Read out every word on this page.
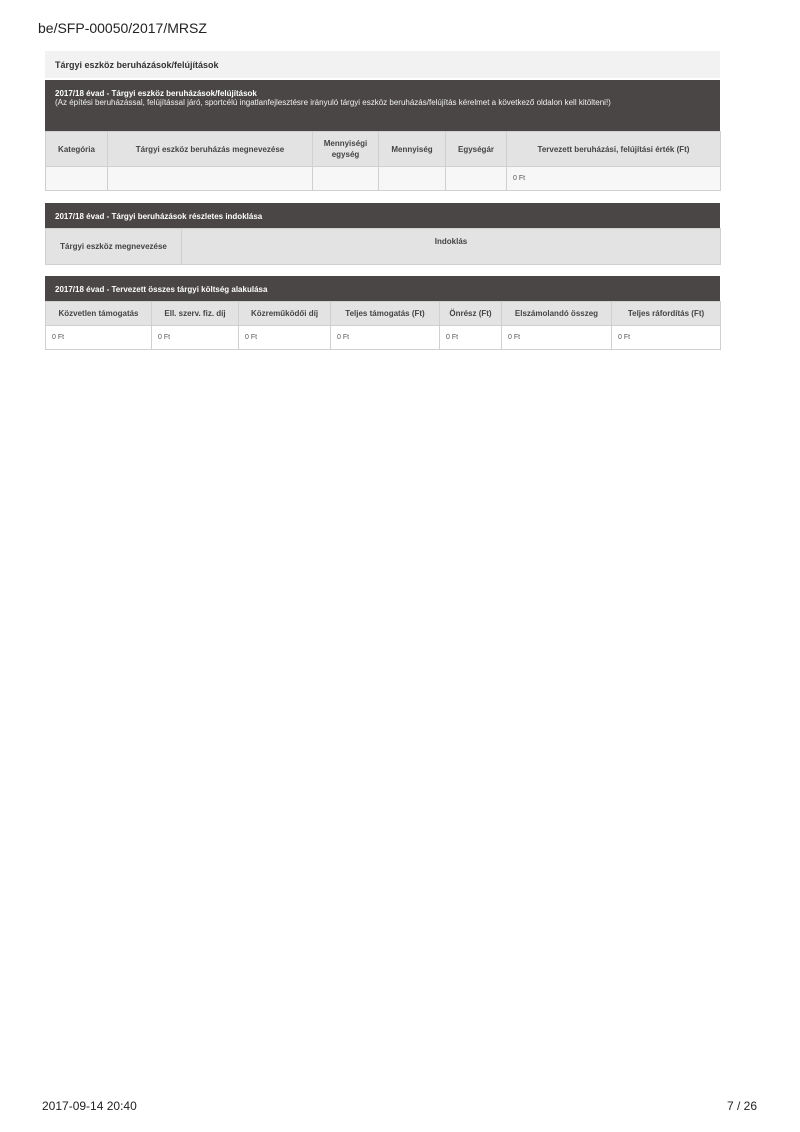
be/SFP-00050/2017/MRSZ
Tárgyi eszköz beruházások/felújítások
2017/18 évad - Tárgyi eszköz beruházások/felújítások
(Az építési beruházással, felújítással járó, sportcélú ingatlanfejlesztésre irányuló tárgyi eszköz beruházás/felújítás kérelmet a következő oldalon kell kitölteni!)
Kategória	Tárgyi eszköz beruházás megnevezése	Mennyiségi egység	Mennyiség	Egységár	Tervezett beruházási, felújítási érték (Ft)
					0 Ft
2017/18 évad - Tárgyi beruházások részletes indoklása
Tárgyi eszköz megnevezése	Indoklás
2017/18 évad - Tervezett összes tárgyi költség alakulása
Közvetlen támogatás	Ell. szerv. fiz. díj	Közreműködői díj	Teljes támogatás (Ft)	Önrész (Ft)	Elszámolandó összeg	Teljes ráfordítás (Ft)
0 Ft	0 Ft	0 Ft	0 Ft	0 Ft	0 Ft	0 Ft
2017-09-14 20:40	7 / 26
